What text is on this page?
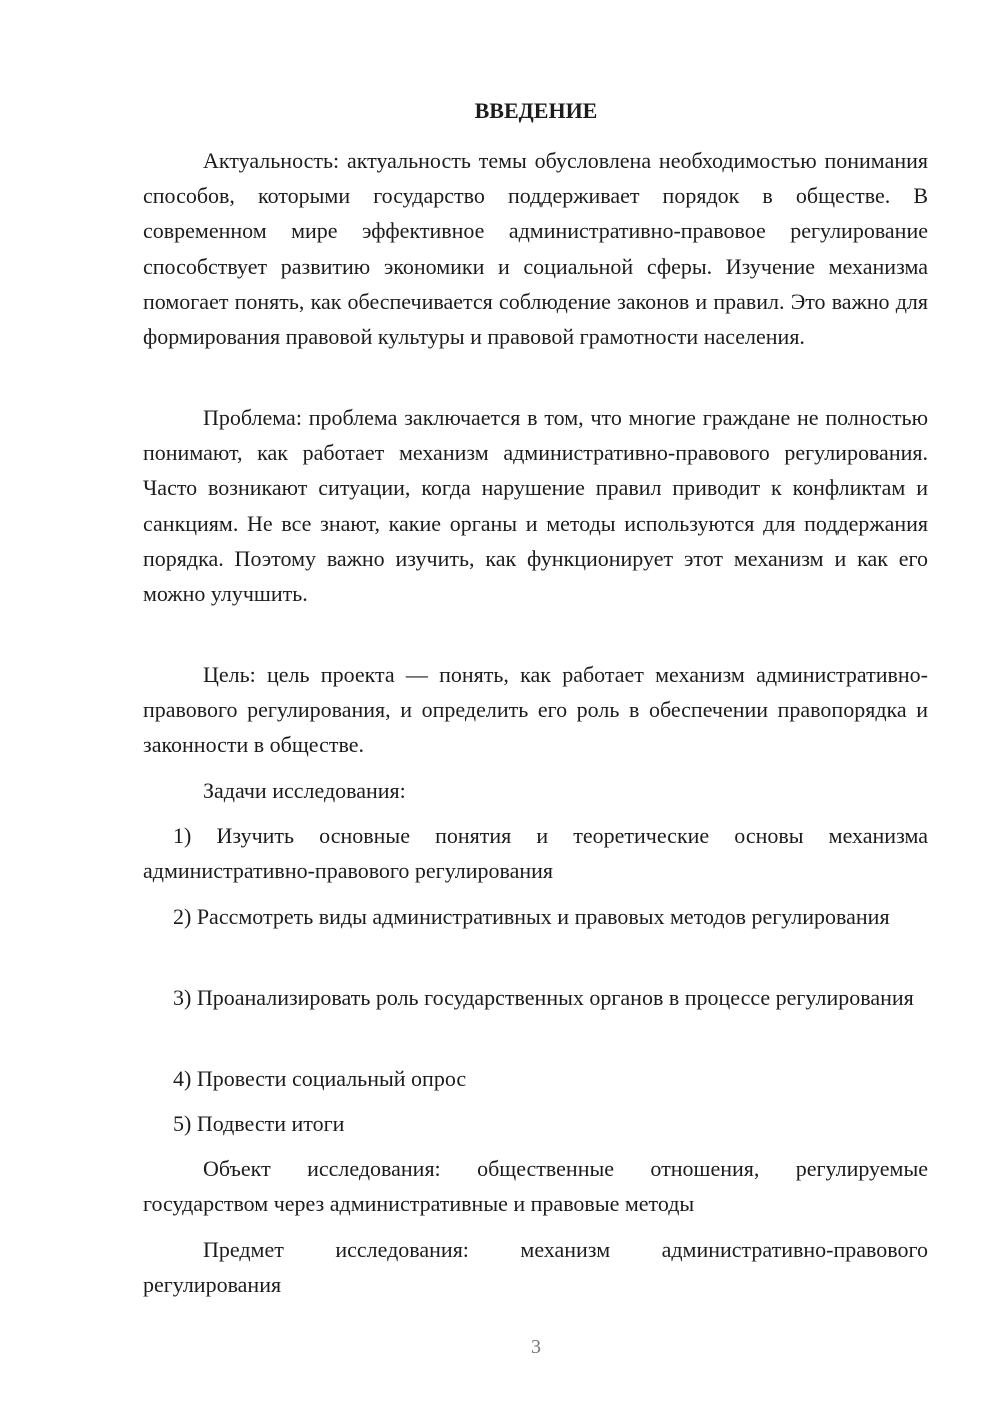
ВВЕДЕНИЕ

Актуальность: актуальность темы обусловлена необходимостью понимания способов, которыми государство поддерживает порядок в обществе. В современном мире эффективное административно-правовое регулирование способствует развитию экономики и социальной сферы. Изучение механизма помогает понять, как обеспечивается соблюдение законов и правил. Это важно для формирования правовой культуры и правовой грамотности населения.

Проблема: проблема заключается в том, что многие граждане не полностью понимают, как работает механизм административно-правового регулирования. Часто возникают ситуации, когда нарушение правил приводит к конфликтам и санкциям. Не все знают, какие органы и методы используются для поддержания порядка. Поэтому важно изучить, как функционирует этот механизм и как его можно улучшить.

Цель: цель проекта — понять, как работает механизм административно-правового регулирования, и определить его роль в обеспечении правопорядка и законности в обществе.

Задачи исследования:

1) Изучить основные понятия и теоретические основы механизма административно-правового регулирования

2) Рассмотреть виды административных и правовых методов регулирования

3) Проанализировать роль государственных органов в процессе регулирования

4) Провести социальный опрос

5) Подвести итоги

Объект исследования: общественные отношения, регулируемые государством через административные и правовые методы

Предмет исследования: механизм административно-правового регулирования

3
